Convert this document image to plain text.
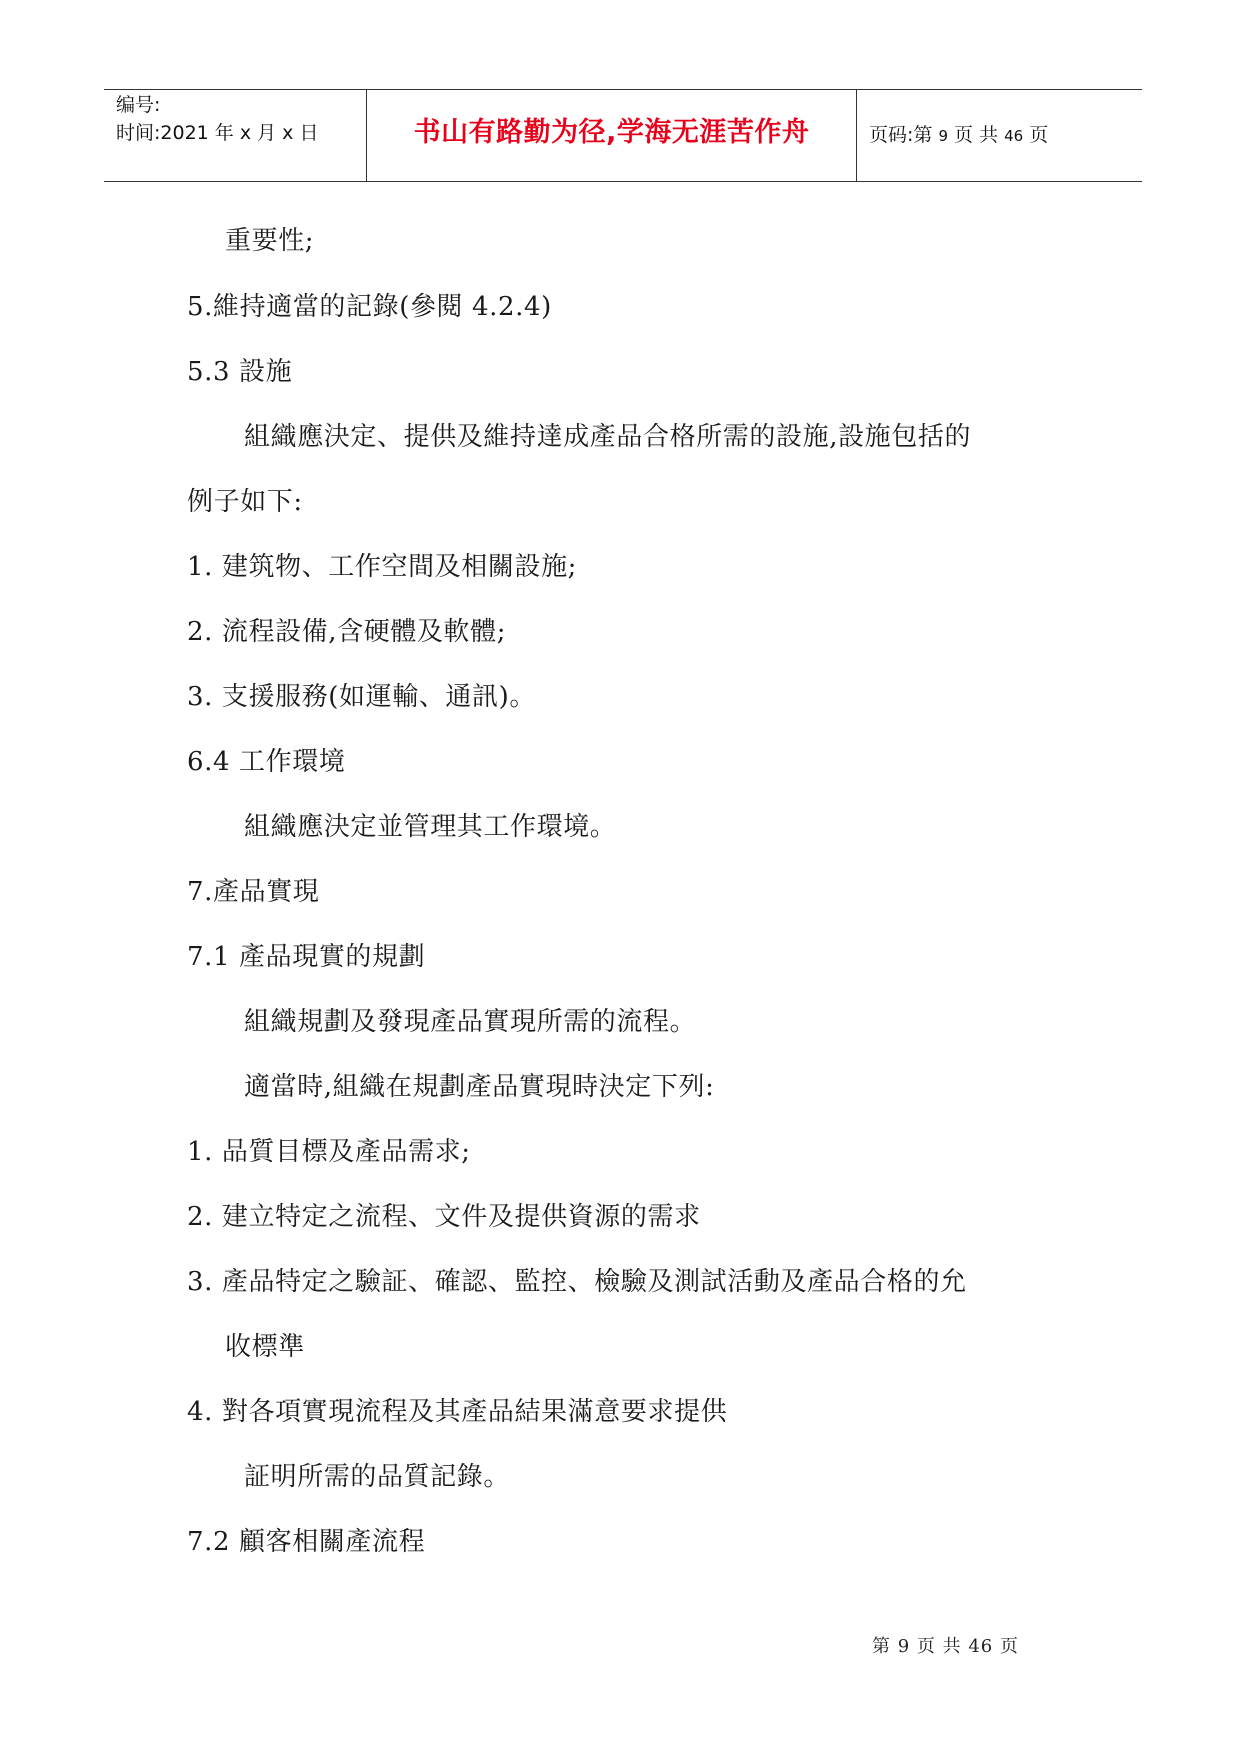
编号:
时间:2021 年 x 月 x 日	书山有路勤为径,学海无涯苦作舟	页码:第 9 页 共 46 页
重要性;
5.維持適當的記錄(參閱 4.2.4)
5.3 設施
組織應決定、提供及維持達成產品合格所需的設施,設施包括的
例子如下:
1. 建筑物、工作空間及相關設施;
2. 流程設備,含硬體及軟體;
3. 支援服務(如運輸、通訊)。
6.4 工作環境
組織應決定並管理其工作環境。
7.產品實現
7.1 產品現實的規劃
組織規劃及發現產品實現所需的流程。
適當時,組織在規劃產品實現時決定下列:
1. 品質目標及產品需求;
2. 建立特定之流程、文件及提供資源的需求
3. 產品特定之驗証、確認、監控、檢驗及測試活動及產品合格的允
收標準
4. 對各項實現流程及其產品結果滿意要求提供
証明所需的品質記錄。
7.2 顧客相關產流程
第 9 页 共 46 页
